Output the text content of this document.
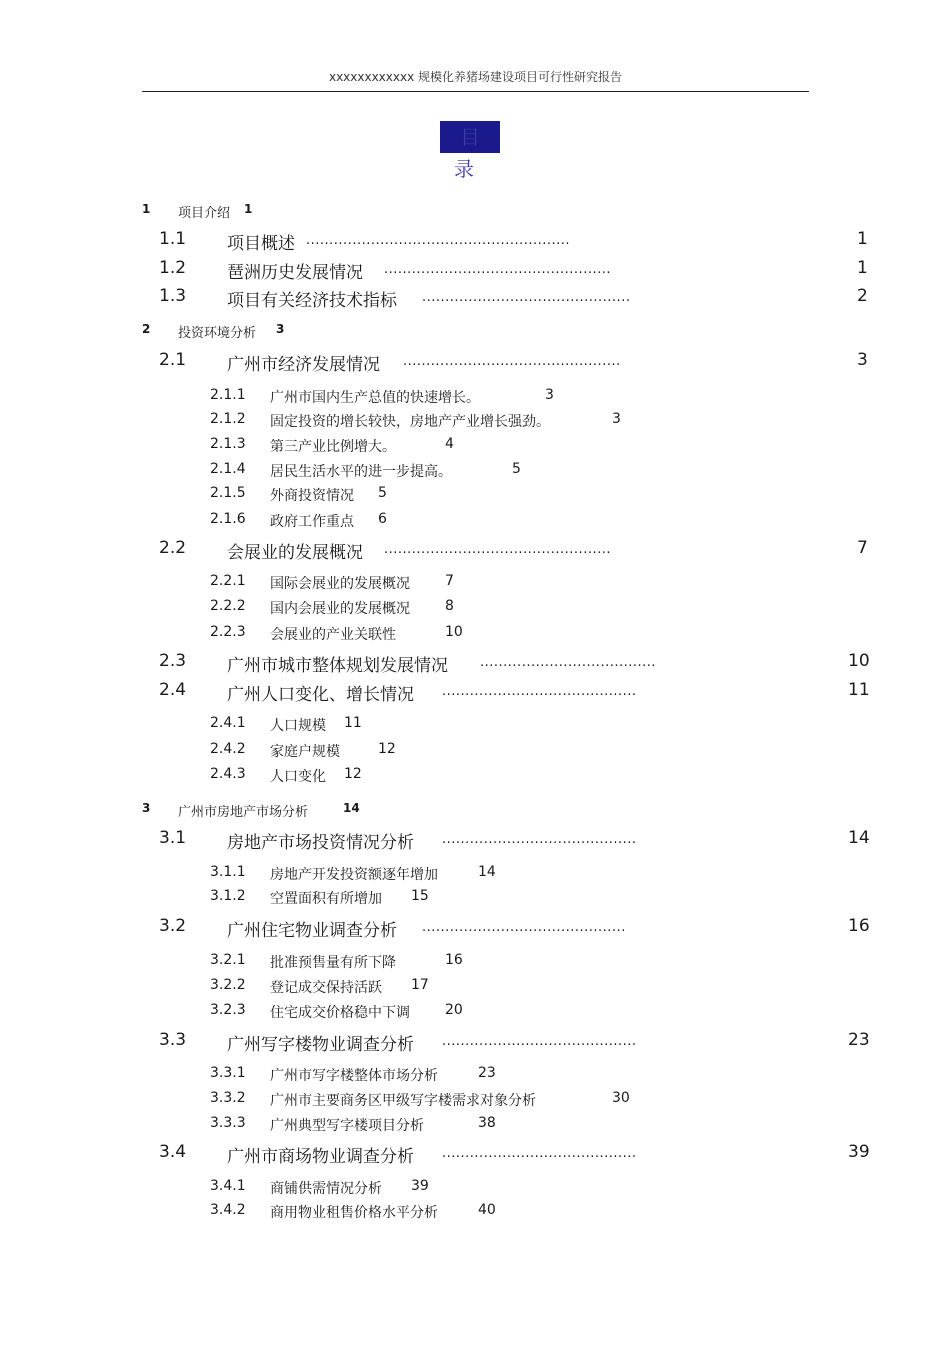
xxxxxxxxxxxx 规模化养猪场建设项目可行性研究报告
目 录
1 项目介绍 1
1.1 项目概述 .........................................................	1
1.2 琶洲历史发展情况 .................................................	1
1.3 项目有关经济技术指标 .............................................	2
2 投资环境分析 3
2.1 广州市经济发展情况 ...............................................	3
2.1.1 广州市国内生产总值的快速增长。	3
2.1.2 固定投资的增长较快，房地产产业增长强劲。	3
2.1.3 第三产业比例增大。	4
2.1.4 居民生活水平的进一步提高。	5
2.1.5 外商投资情况 5
2.1.6 政府工作重点 6
2.2 会展业的发展概况 .................................................	7
2.2.1 国际会展业的发展概况	7
2.2.2 国内会展业的发展概况	8
2.2.3 会展业的产业关联性	10
2.3 广州市城市整体规划发展情况 ......................................	10
2.4 广州人口变化、增长情况 ..........................................	11
2.4.1 人口规模 11
2.4.2 家庭户规模	12
2.4.3 人口变化 12
3 广州市房地产市场分析	14
3.1 房地产市场投资情况分析 ..........................................	14
3.1.1 房地产开发投资额逐年增加	14
3.1.2 空置面积有所增加 15
3.2 广州住宅物业调查分析 ............................................	16
3.2.1 批准预售量有所下降	16
3.2.2 登记成交保持活跃 17
3.2.3 住宅成交价格稳中下调	20
3.3 广州写字楼物业调查分析 ..........................................	23
3.3.1 广州市写字楼整体市场分析	23
3.3.2 广州市主要商务区甲级写字楼需求对象分析	30
3.3.3 广州典型写字楼项目分析	38
3.4 广州市商场物业调查分析 ..........................................	39
3.4.1 商铺供需情况分析 39
3.4.2 商用物业租售价格水平分析	40
